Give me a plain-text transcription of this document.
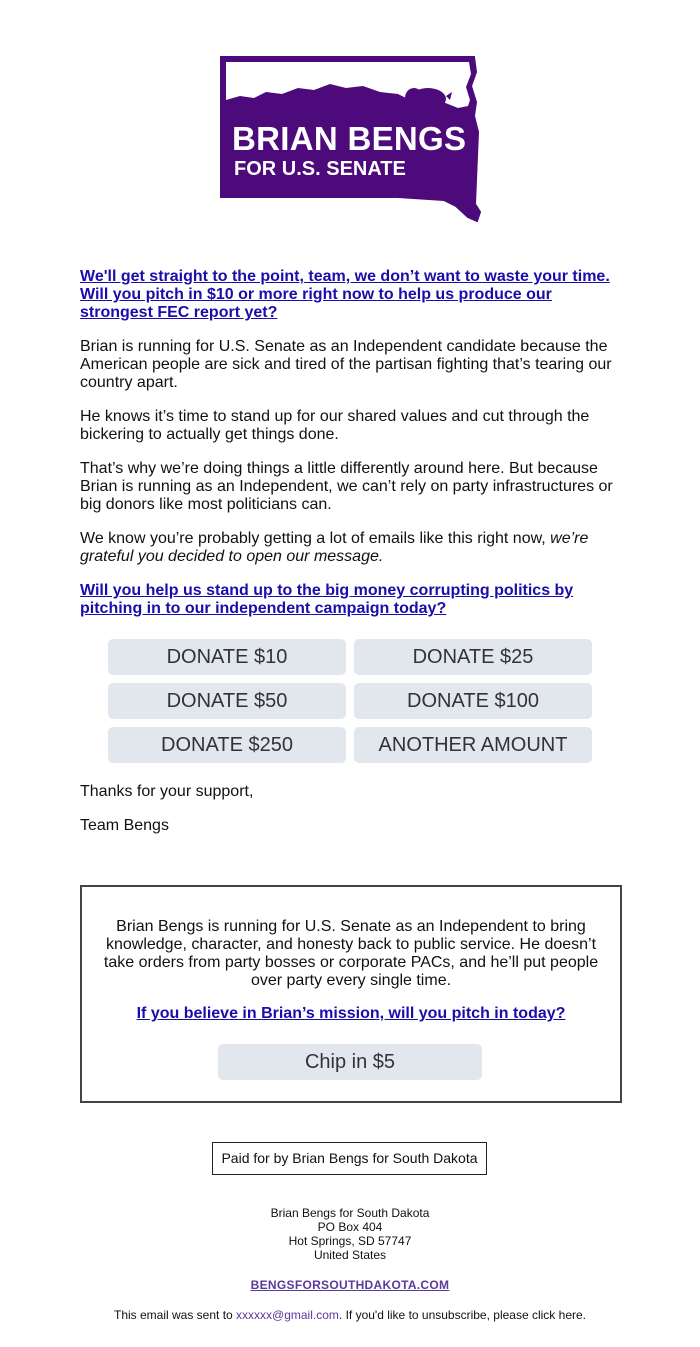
BRIAN BENGS
FOR U.S. SENATE
We'll get straight to the point, team, we don’t want to waste your time. Will you pitch in $10 or more right now to help us produce our strongest FEC report yet?

Brian is running for U.S. Senate as an Independent candidate because the American people are sick and tired of the partisan fighting that’s tearing our country apart.

He knows it’s time to stand up for our shared values and cut through the bickering to actually get things done.

That’s why we’re doing things a little differently around here. But because Brian is running as an Independent, we can’t rely on party infrastructures or big donors like most politicians can.

We know you’re probably getting a lot of emails like this right now, we’re grateful you decided to open our message.

Will you help us stand up to the big money corrupting politics by pitching in to our independent campaign today?
DONATE $10	DONATE $25
DONATE $50	DONATE $100
DONATE $250	ANOTHER AMOUNT
Thanks for your support,
Team Bengs
Brian Bengs is running for U.S. Senate as an Independent to bring knowledge, character, and honesty back to public service. He doesn’t take orders from party bosses or corporate PACs, and he’ll put people over party every single time.
If you believe in Brian’s mission, will you pitch in today?
Chip in $5
Paid for by Brian Bengs for South Dakota
Brian Bengs for South Dakota
PO Box 404
Hot Springs, SD 57747
United States
BENGSFORSOUTHDAKOTA.COM
This email was sent to xxxxxx@gmail.com. If you'd like to unsubscribe, please click here.
